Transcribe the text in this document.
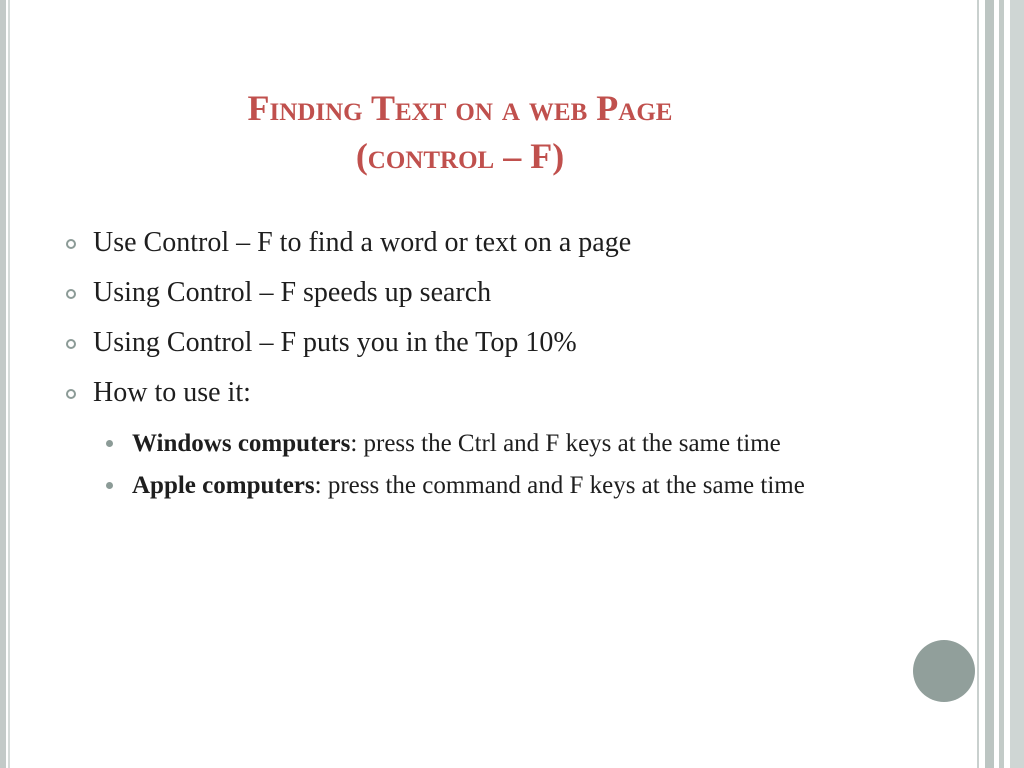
Finding Text on a web Page
(control – F)
Use Control – F to find a word or text on a page
Using Control – F speeds up search
Using Control – F puts you in the Top 10%
How to use it:
Windows computers: press the Ctrl and F keys at the same time
Apple computers: press the command and F keys at the same time
